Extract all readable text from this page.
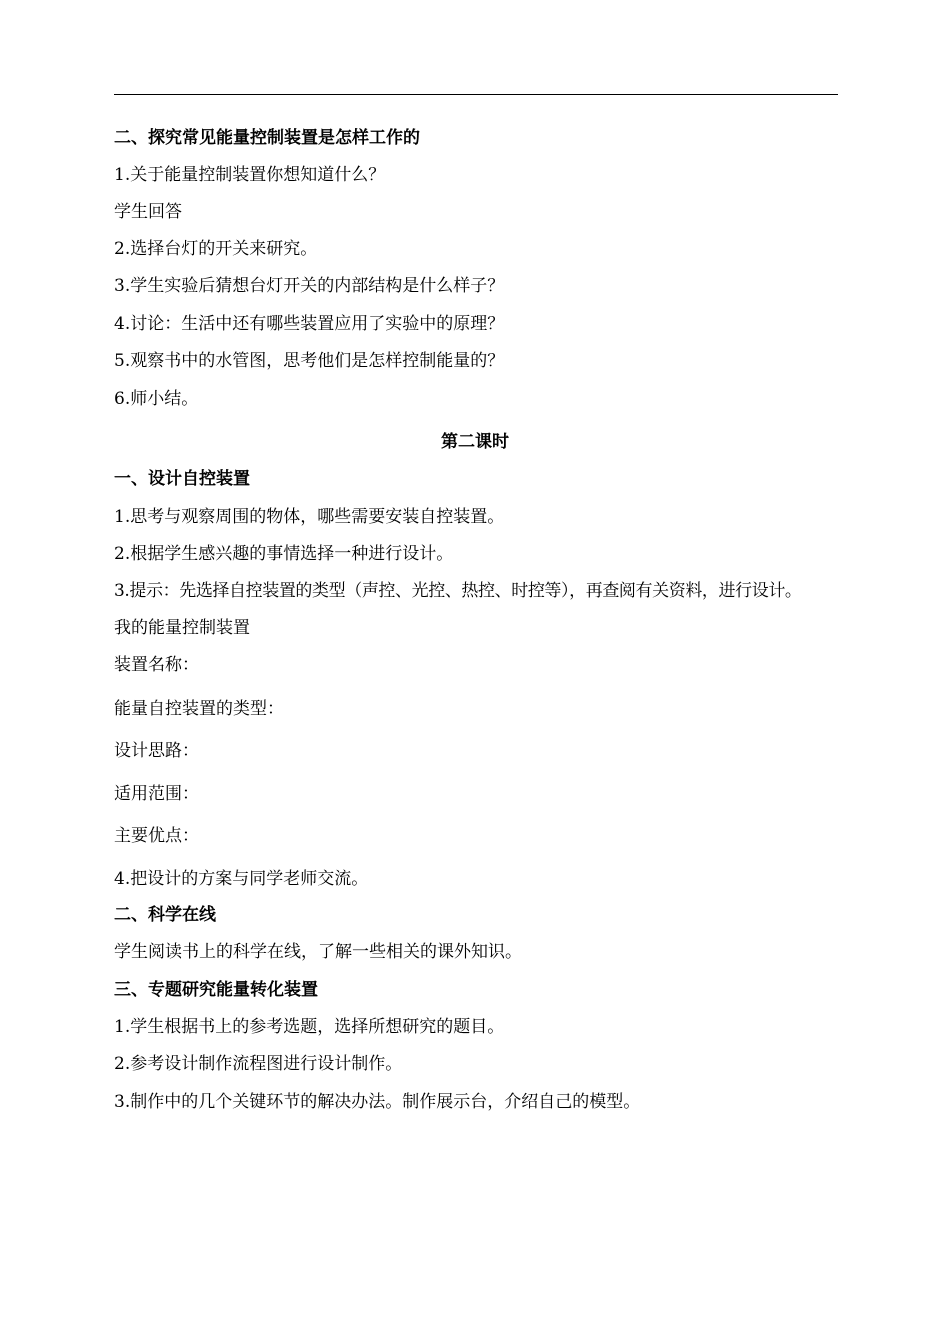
二、探究常见能量控制装置是怎样工作的
1.关于能量控制装置你想知道什么？
学生回答
2.选择台灯的开关来研究。
3.学生实验后猜想台灯开关的内部结构是什么样子？
4.讨论：生活中还有哪些装置应用了实验中的原理？
5.观察书中的水管图，思考他们是怎样控制能量的？
6.师小结。
第二课时
一、设计自控装置
1.思考与观察周围的物体，哪些需要安装自控装置。
2.根据学生感兴趣的事情选择一种进行设计。
3.提示：先选择自控装置的类型（声控、光控、热控、时控等），再查阅有关资料，进行设计。
我的能量控制装置
装置名称：
能量自控装置的类型：
设计思路：
适用范围：
主要优点：
4.把设计的方案与同学老师交流。
二、科学在线
学生阅读书上的科学在线，了解一些相关的课外知识。
三、专题研究能量转化装置
1.学生根据书上的参考选题，选择所想研究的题目。
2.参考设计制作流程图进行设计制作。
3.制作中的几个关键环节的解决办法。制作展示台，介绍自己的模型。
